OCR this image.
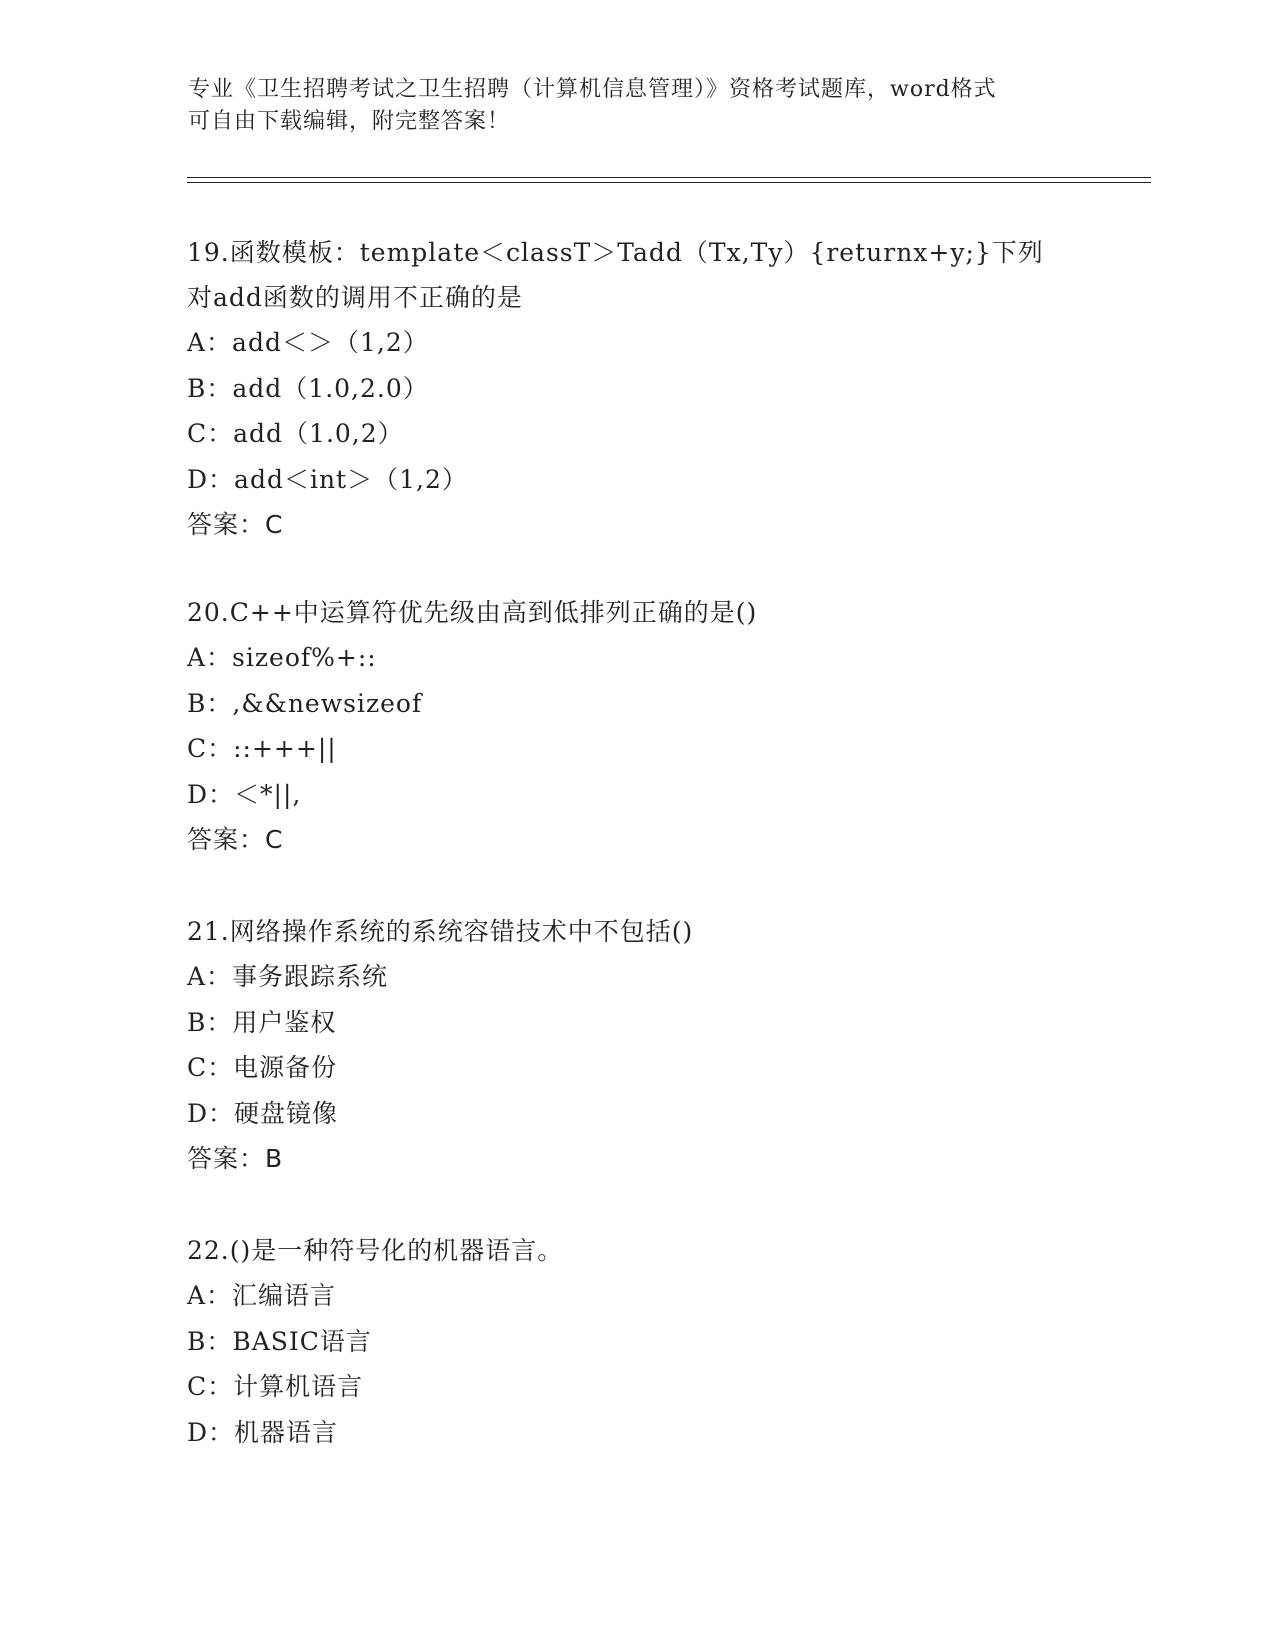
专业《卫生招聘考试之卫生招聘（计算机信息管理）》资格考试题库，word格式
可自由下载编辑，附完整答案！
19.函数模板：template＜classT＞Tadd（Tx,Ty）{returnx+y;}下列
对add函数的调用不正确的是
A：add＜＞（1,2）
B：add（1.0,2.0）
C：add（1.0,2）
D：add＜int＞（1,2）
答案：C
20.C++中运算符优先级由高到低排列正确的是()
A：sizeof%+::
B：,&&newsizeof
C：::+++||
D：＜*||,
答案：C
21.网络操作系统的系统容错技术中不包括()
A：事务跟踪系统
B：用户鉴权
C：电源备份
D：硬盘镜像
答案：B
22.()是一种符号化的机器语言。
A：汇编语言
B：BASIC语言
C：计算机语言
D：机器语言
